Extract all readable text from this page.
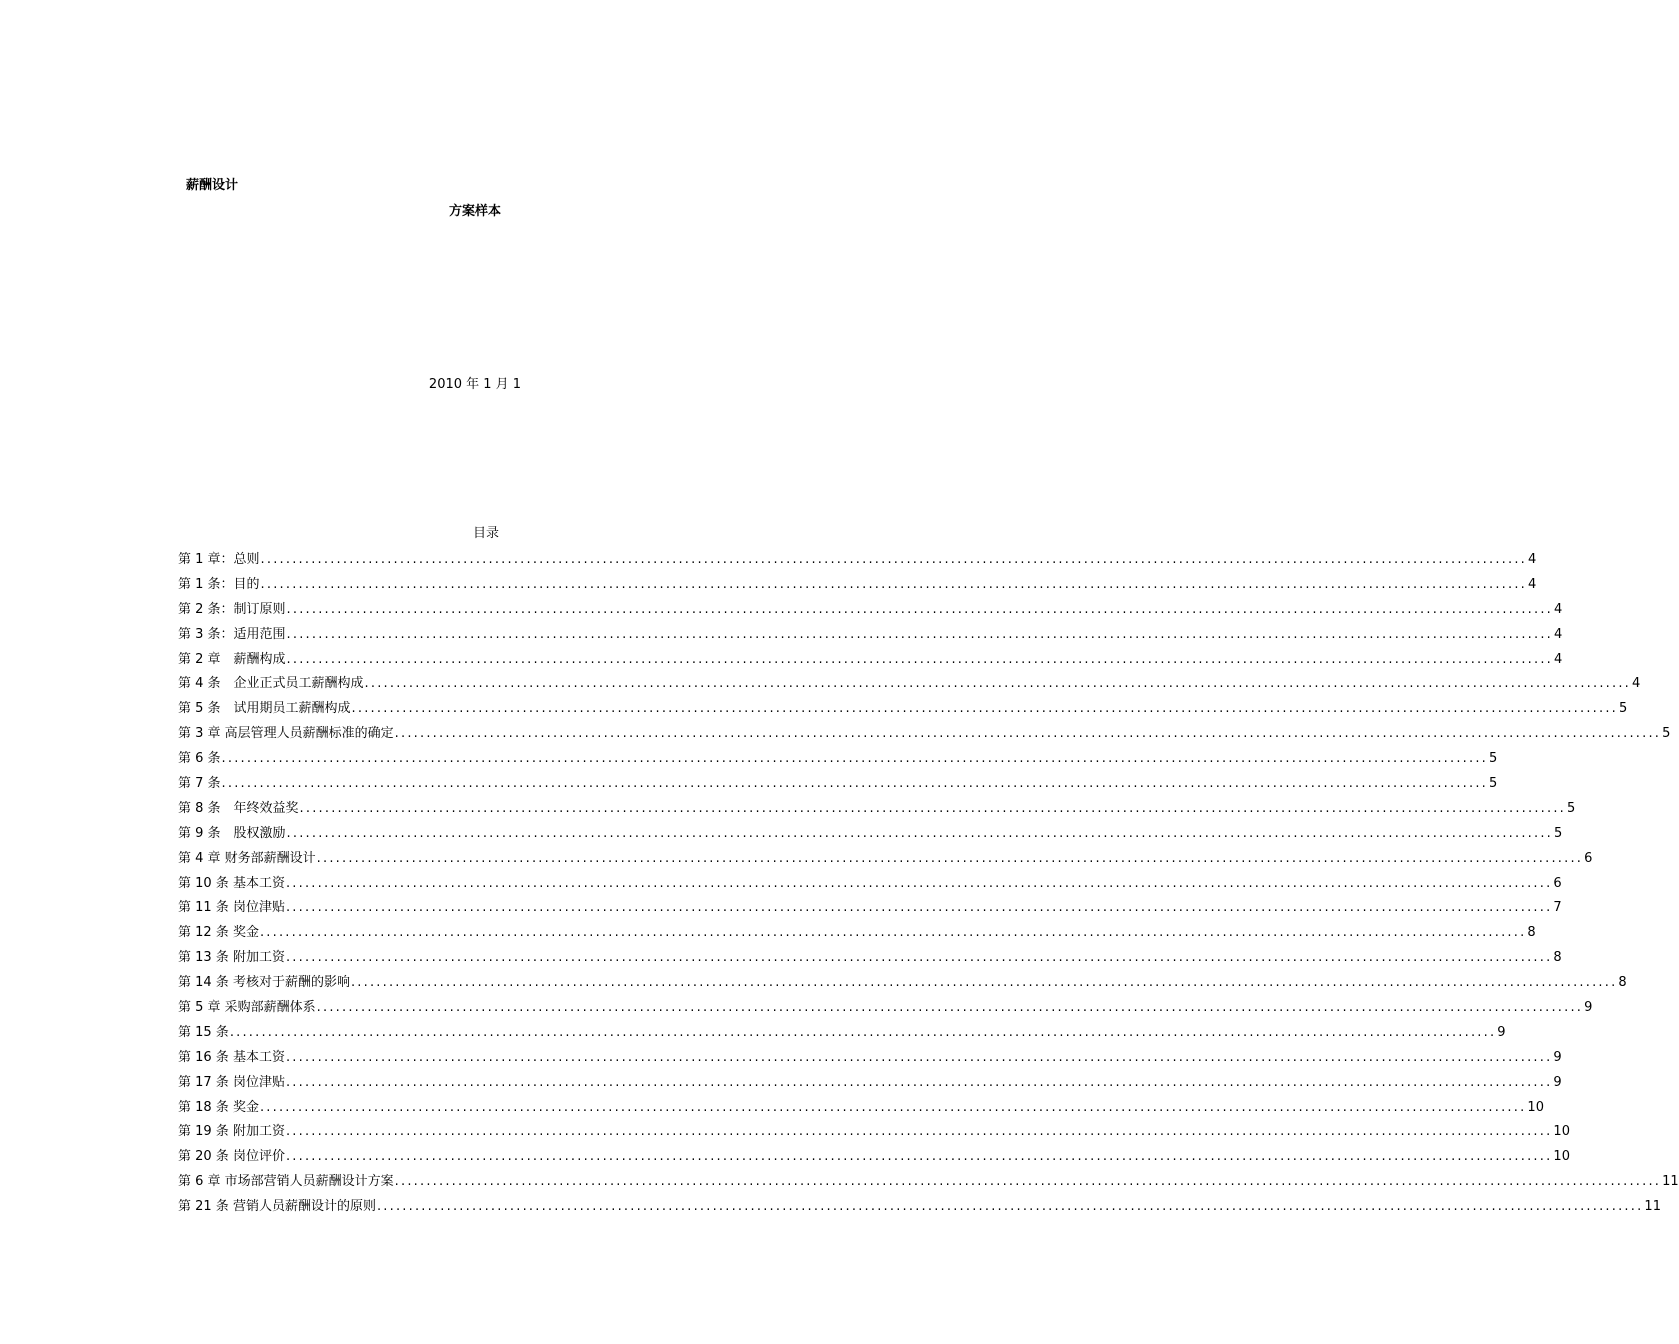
薪酬设计
方案样本
2010 年 1 月 1
目录
第 1 章：总则 ........................................................................................................................................................................................................ 4
第 1 条：目的 ........................................................................................................................................................................................................ 4
第 2 条：制订原则 ........................................................................................................................................................................................................ 4
第 3 条：适用范围 ........................................................................................................................................................................................................ 4
第 2 章　薪酬构成 ........................................................................................................................................................................................................ 4
第 4 条　企业正式员工薪酬构成 ........................................................................................................................................................................................................ 4
第 5 条　试用期员工薪酬构成 ........................................................................................................................................................................................................ 5
第 3 章 高层管理人员薪酬标准的确定 ........................................................................................................................................................................................................ 5
第 6 条 ........................................................................................................................................................................................................ 5
第 7 条 ........................................................................................................................................................................................................ 5
第 8 条　年终效益奖 ........................................................................................................................................................................................................ 5
第 9 条　股权激励 ........................................................................................................................................................................................................ 5
第 4 章 财务部薪酬设计 ........................................................................................................................................................................................................ 6
第 10 条 基本工资 ........................................................................................................................................................................................................ 6
第 11 条 岗位津贴 ........................................................................................................................................................................................................ 7
第 12 条 奖金 ........................................................................................................................................................................................................ 8
第 13 条 附加工资 ........................................................................................................................................................................................................ 8
第 14 条 考核对于薪酬的影响 ........................................................................................................................................................................................................ 8
第 5 章 采购部薪酬体系 ........................................................................................................................................................................................................ 9
第 15 条 ........................................................................................................................................................................................................ 9
第 16 条 基本工资 ........................................................................................................................................................................................................ 9
第 17 条 岗位津贴 ........................................................................................................................................................................................................ 9
第 18 条 奖金 ........................................................................................................................................................................................................ 10
第 19 条 附加工资 ........................................................................................................................................................................................................ 10
第 20 条 岗位评价 ........................................................................................................................................................................................................ 10
第 6 章 市场部营销人员薪酬设计方案 ........................................................................................................................................................................................................ 11
第 21 条 营销人员薪酬设计的原则 ........................................................................................................................................................................................................ 11
